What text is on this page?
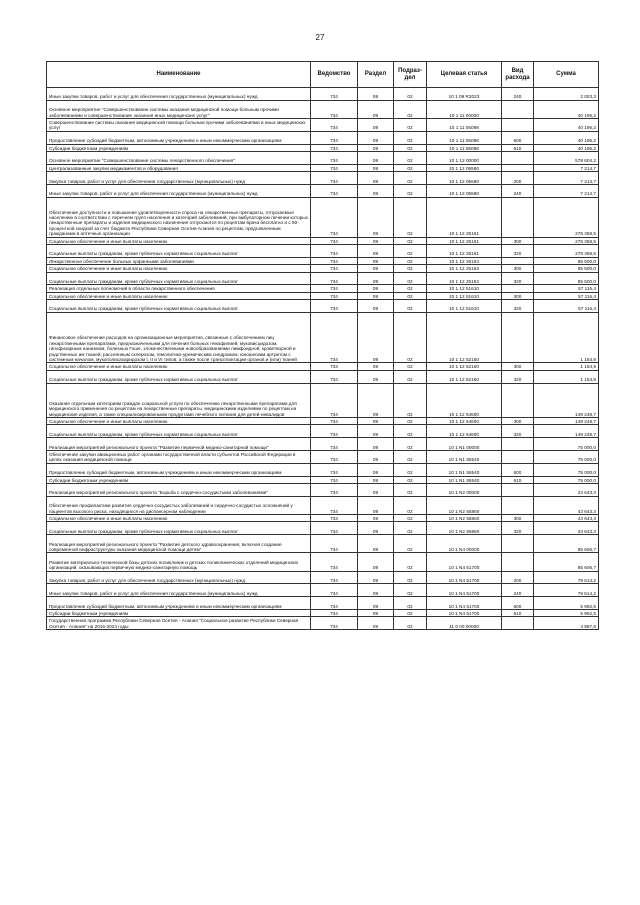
27
Наименование	Ведомство	Раздел	Подраз-дел	Целевая статья	Вид расхода	Сумма
Иные закупки товаров, работ и услуг для обеспечения государственных (муниципальных) нужд	734	09	02	10 1 09 R2023	240	2 003,3
Основное мероприятие "Совершенствование системы оказания медицинской помощи больным прочими заболеваниями и совершенствование оказания иных медицинских услуг"	734	09	02	10 1 11 00000		40 196,2
Совершенствование системы оказания медицинской помощи больным прочими заболеваниями и иных медицинских услуг	734	09	02	10 1 11 05098		40 196,2
Предоставление субсидий бюджетным, автономным учреждениям и иным некоммерческим организациям	734	09	02	10 1 11 05098	600	40 196,2
Субсидии бюджетным учреждениям	734	09	02	10 1 11 05098	610	40 196,2
Основное мероприятие "Совершенствование системы лекарственного обеспечения"	734	09	02	10 1 12 00000		578 604,2
Централизованные закупки медикаментов и оборудования	734	09	02	10 1 12 05580		7 214,7
Закупка товаров, работ и услуг для обеспечения государственных (муниципальных) нужд	734	09	02	10 1 12 05580	200	7 214,7
Иные закупки товаров, работ и услуг для обеспечения государственных (муниципальных) нужд	734	09	02	10 1 12 05580	240	7 214,7
Обеспечение доступности и повышение удовлетворенности спроса на лекарственные препараты, отпускаемые населению в соответствии с перечнем групп населения и категорий заболеваний, при амбулаторном лечении которых лекарственные препараты и изделия медицинского назначения отпускаются по рецептам врача бесплатно и с 50-процентной скидкой за счет бюджета Республики Северная Осетия-Алания по рецептам, предъявленным гражданами в аптечные организации	734	09	02	10 1 12 25161		275 369,5
Социальное обеспечение и иные выплаты населению	734	09	02	10 1 12 25161	300	275 369,5
Социальные выплаты гражданам, кроме публичных нормативных социальных выплат	734	09	02	10 1 12 25161	320	275 369,5
Лекарственное обеспечение больных орфанными заболеваниями	734	09	02	10 1 12 25163		85 500,0
Социальное обеспечение и иные выплаты населению	734	09	02	10 1 12 25163	300	85 500,0
Социальные выплаты гражданам, кроме публичных нормативных социальных выплат	734	09	02	10 1 12 25163	320	85 500,0
Реализация отдельных полномочий в области лекарственного обеспечения	734	09	02	10 1 12 51610		57 116,4
Социальное обеспечение и иные выплаты населению	734	09	02	10 1 12 51610	300	57 116,4
Социальные выплаты гражданам, кроме публичных нормативных социальных выплат	734	09	02	10 1 12 51610	320	57 116,4
Финансовое обеспечение расходов на организационные мероприятия, связанные с обеспечением лиц лекарственными препаратами, предназначенными для лечения больных гемофилией, муковисцидозом, гипофизарным нанизмом, болезнью Гоше, злокачественными новообразованиями лимфоидной, кроветворной и родственных им тканей, рассеянным склерозом, гемолитико-уремическим синдромом, юношеским артритом с системным началом, мукополисахаридозом I, II и VI типов, а также после трансплантации органов и (или) тканей	734	09	02	10 1 12 52160		1 154,9
Социальное обеспечение и иные выплаты населению	734	09	02	10 1 12 52160	300	1 154,9
Социальные выплаты гражданам, кроме публичных нормативных социальных выплат	734	09	02	10 1 12 52160	320	1 154,9
Оказание отдельным категориям граждан социальной услуги по обеспечению лекарственными препаратами для медицинского применения по рецептам на лекарственные препараты, медицинскими изделиями по рецептам на медицинские изделия, а также специализированными продуктами лечебного питания для детей-инвалидов	734	09	02	10 1 12 54600		149 248,7
Социальное обеспечение и иные выплаты населению	734	09	02	10 1 12 54600	300	149 248,7
Социальные выплаты гражданам, кроме публичных нормативных социальных выплат	734	09	02	10 1 12 54600	320	149 248,7
Реализация мероприятий регионального проекта "Развитие первичной медико-санитарной помощи"	734	09	02	10 1 N1 00000		75 000,0
Обеспечение закупки авиационных работ органами государственной власти субъектов Российской Федерации в целях оказания медицинской помощи	734	09	02	10 1 N1 55540		75 000,0
Предоставление субсидий бюджетным, автономным учреждениям и иным некоммерческим организациям	734	09	02	10 1 N1 55540	600	75 000,0
Субсидии бюджетным учреждениям	734	09	02	10 1 N1 55540	610	75 000,0
Реализация мероприятий регионального проекта "Борьба с сердечно-сосудистыми заболеваниями"	734	09	02	10 1 N2 00000		43 643,3
Обеспечение профилактики развития сердечно-сосудистых заболеваний и сердечно-сосудистых осложнений у пациентов высокого риска, находящихся на диспансерном наблюдении	734	09	02	10 1 N2 55860		43 643,3
Социальное обеспечение и иные выплаты населению	734	09	02	10 1 N2 55860	300	43 643,3
Социальные выплаты гражданам, кроме публичных нормативных социальных выплат	734	09	02	10 1 N2 55860	320	43 643,3
Реализация мероприятий регионального проекта "Развитие детского здравоохранения, включая создание современной инфраструктуры оказания медицинской помощи детям"	734	09	02	10 1 N4 00000		85 606,7
Развитие материально-технической базы детских поликлиник и детских поликлинических отделений медицинских организаций, оказывающих первичную медико-санитарную помощь	734	09	02	10 1 N4 51700		85 606,7
Закупка товаров, работ и услуг для обеспечения государственных (муниципальных) нужд	734	09	02	10 1 N4 51700	200	79 614,2
Иные закупки товаров, работ и услуг для обеспечения государственных (муниципальных) нужд	734	09	02	10 1 N4 51700	240	79 614,2
Предоставление субсидий бюджетным, автономным учреждениям и иным некоммерческим организациям	734	09	02	10 1 N4 51700	600	5 992,5
Субсидии бюджетным учреждениям	734	09	02	10 1 N4 51700	610	5 992,5
Государственная программа Республики Северная Осетия - Алания "Социальное развитие Республики Северная Осетия - Алания" на 2016-2024 годы	734	09	02	11 0 00 00000		4 887,8
